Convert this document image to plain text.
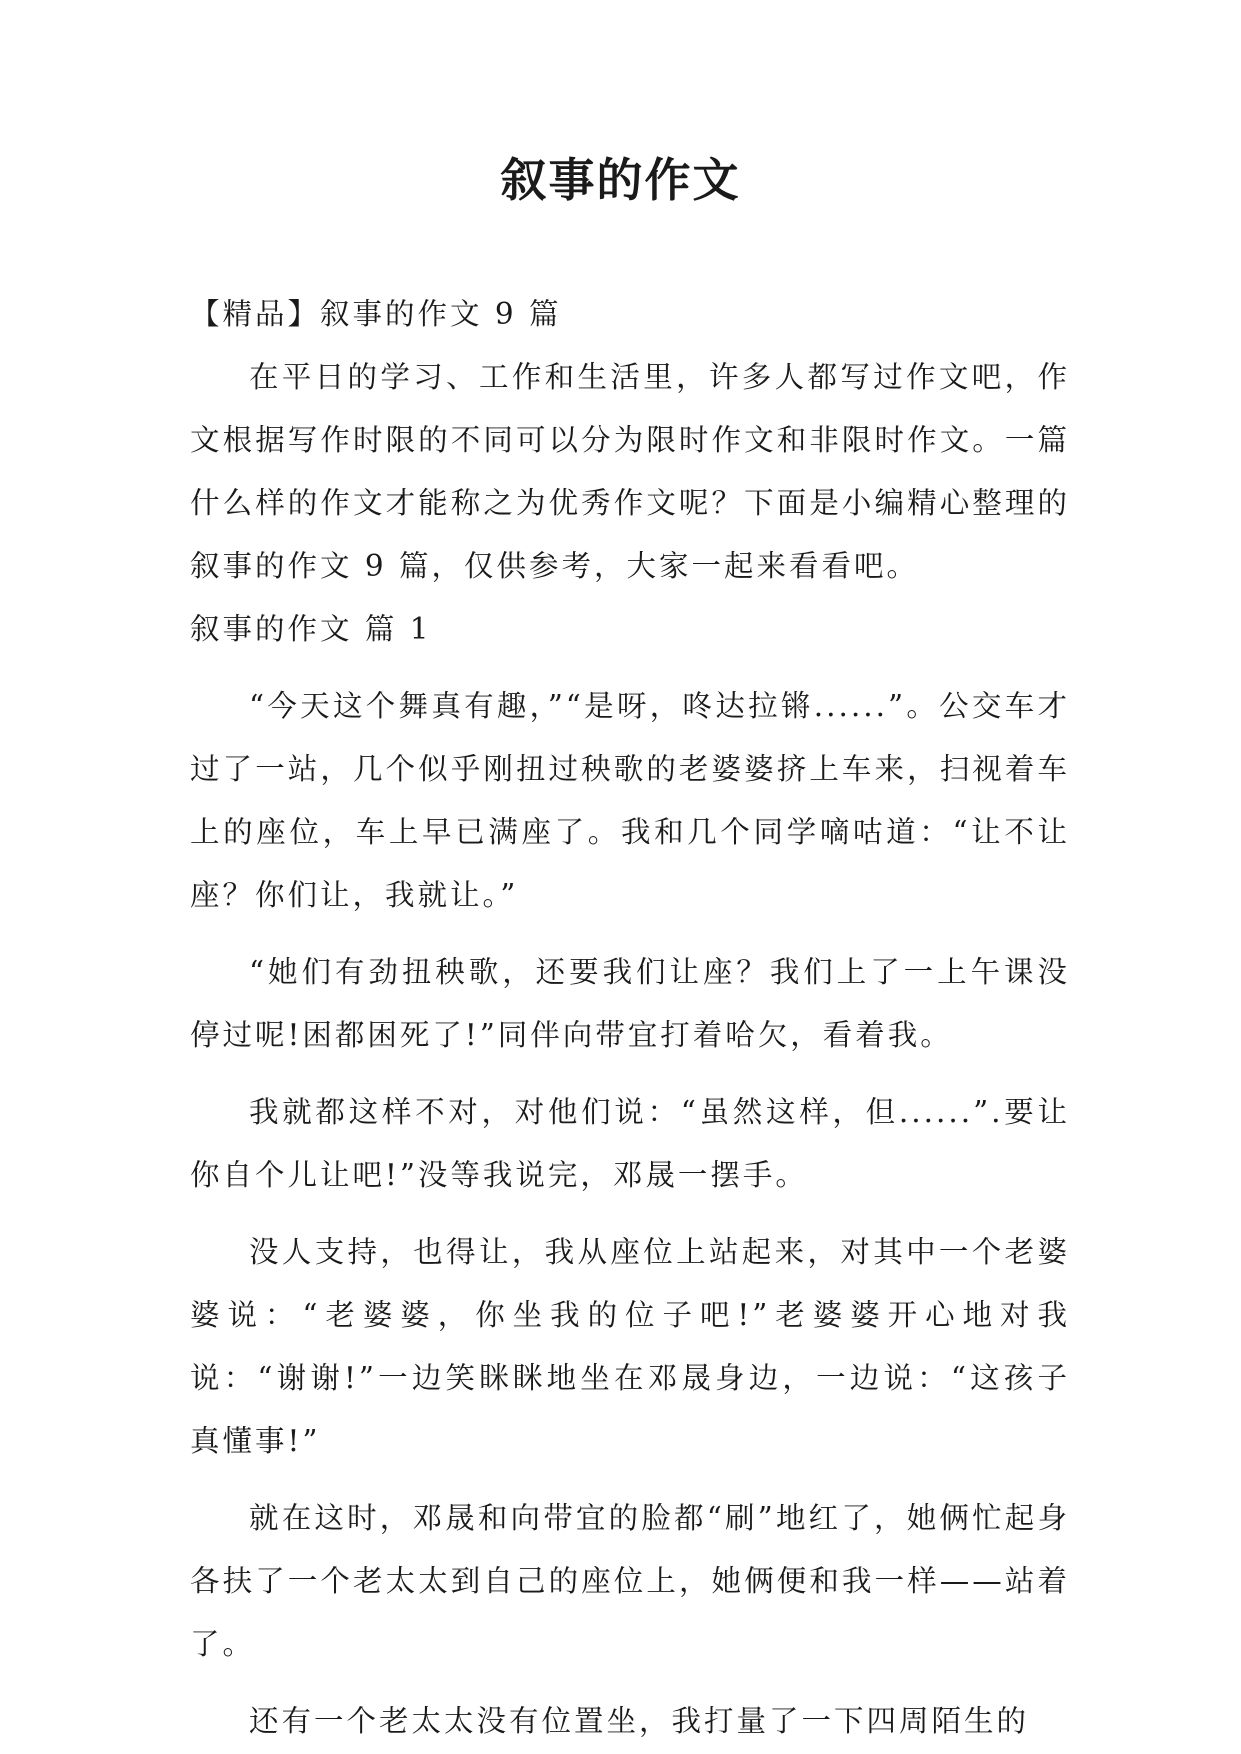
叙事的作文

【精品】叙事的作文 9 篇

在平日的学习、工作和生活里，许多人都写过作文吧，作文根据写作时限的不同可以分为限时作文和非限时作文。一篇什么样的作文才能称之为优秀作文呢？下面是小编精心整理的叙事的作文 9 篇，仅供参考，大家一起来看看吧。

叙事的作文 篇 1

“今天这个舞真有趣，”“是呀，咚达拉锵......”。公交车才过了一站，几个似乎刚扭过秧歌的老婆婆挤上车来，扫视着车上的座位，车上早已满座了。我和几个同学嘀咕道：“让不让座？你们让，我就让。”

“她们有劲扭秧歌，还要我们让座？我们上了一上午课没停过呢!困都困死了!”同伴向带宜打着哈欠，看着我。

我就都这样不对，对他们说：“虽然这样，但......”.要让你自个儿让吧!”没等我说完，邓晟一摆手。

没人支持，也得让，我从座位上站起来，对其中一个老婆婆说：“老婆婆，你坐我的位子吧!”老婆婆开心地对我说：“谢谢!”一边笑眯眯地坐在邓晟身边，一边说：“这孩子真懂事!”

就在这时，邓晟和向带宜的脸都“刷”地红了，她俩忙起身各扶了一个老太太到自己的座位上，她俩便和我一样——站着了。

还有一个老太太没有位置坐，我打量了一下四周陌生的
